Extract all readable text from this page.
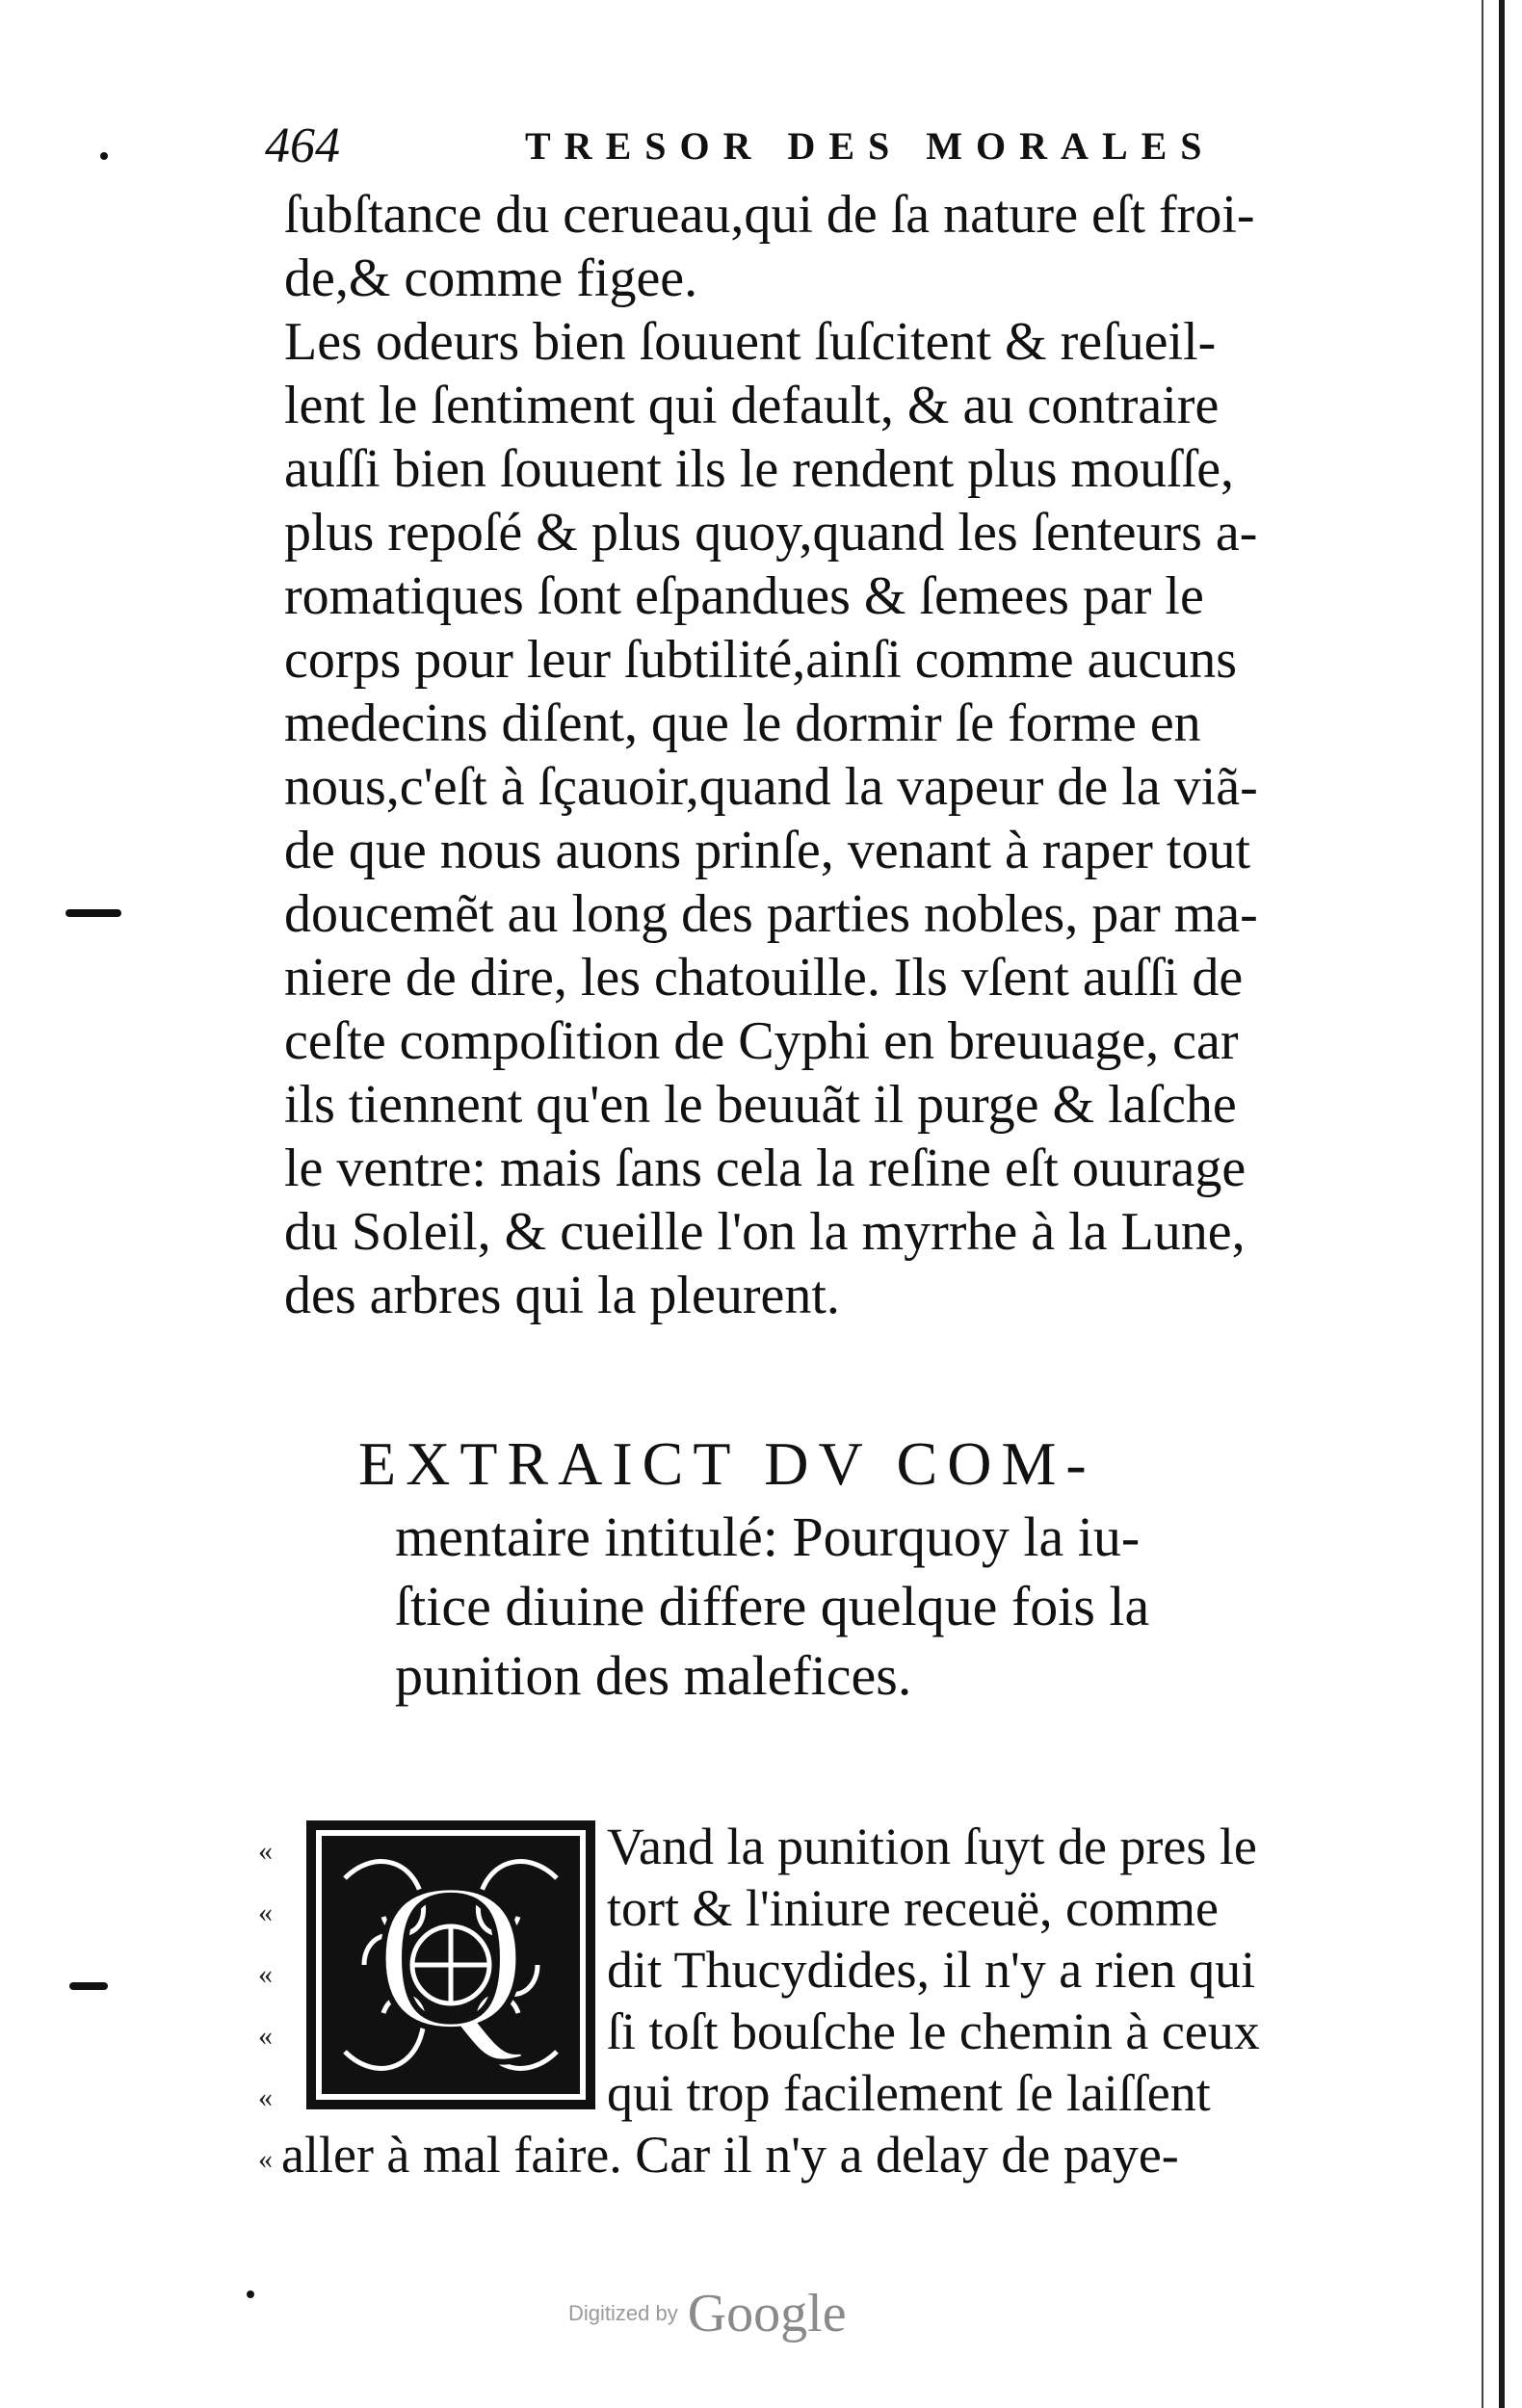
464	TRESOR DES MORALES
ſubſtance du cerueau,qui de ſa nature eſt froi-
de,& comme figee.
Les odeurs bien ſouuent ſuſcitent & reſueil-
lent le ſentiment qui default, & au contraire
auſſi bien ſouuent ils le rendent plus mouſſe,
plus repoſé & plus quoy,quand les ſenteurs a-
romatiques ſont eſpandues & ſemees par le
corps pour leur ſubtilité,ainſi comme aucuns
medecins diſent, que le dormir ſe forme en
nous,c'eſt à ſçauoir,quand la vapeur de la viã-
de que nous auons prinſe, venant à raper tout
doucemẽt au long des parties nobles, par ma-
niere de dire, les chatouille. Ils vſent auſſi de
ceſte compoſition de Cyphi en breuuage, car
ils tiennent qu'en le beuuãt il purge & laſche
le ventre: mais ſans cela la reſine eſt ouurage
du Soleil, & cueille l'on la myrrhe à la Lune,
des arbres qui la pleurent.
EXTRAICT DV COM-
mentaire intitulé: Pourquoy la iu-
ſtice diuine differe quelque fois la
punition des malefices.
«
«
«
«
«
«
Q Vand la punition ſuyt de pres le
tort & l'iniure receuë, comme
dit Thucydides, il n'y a rien qui
ſi toſt bouſche le chemin à ceux
qui trop facilement ſe laiſſent
aller à mal faire. Car il n'y a delay de paye-
Digitized by Google
